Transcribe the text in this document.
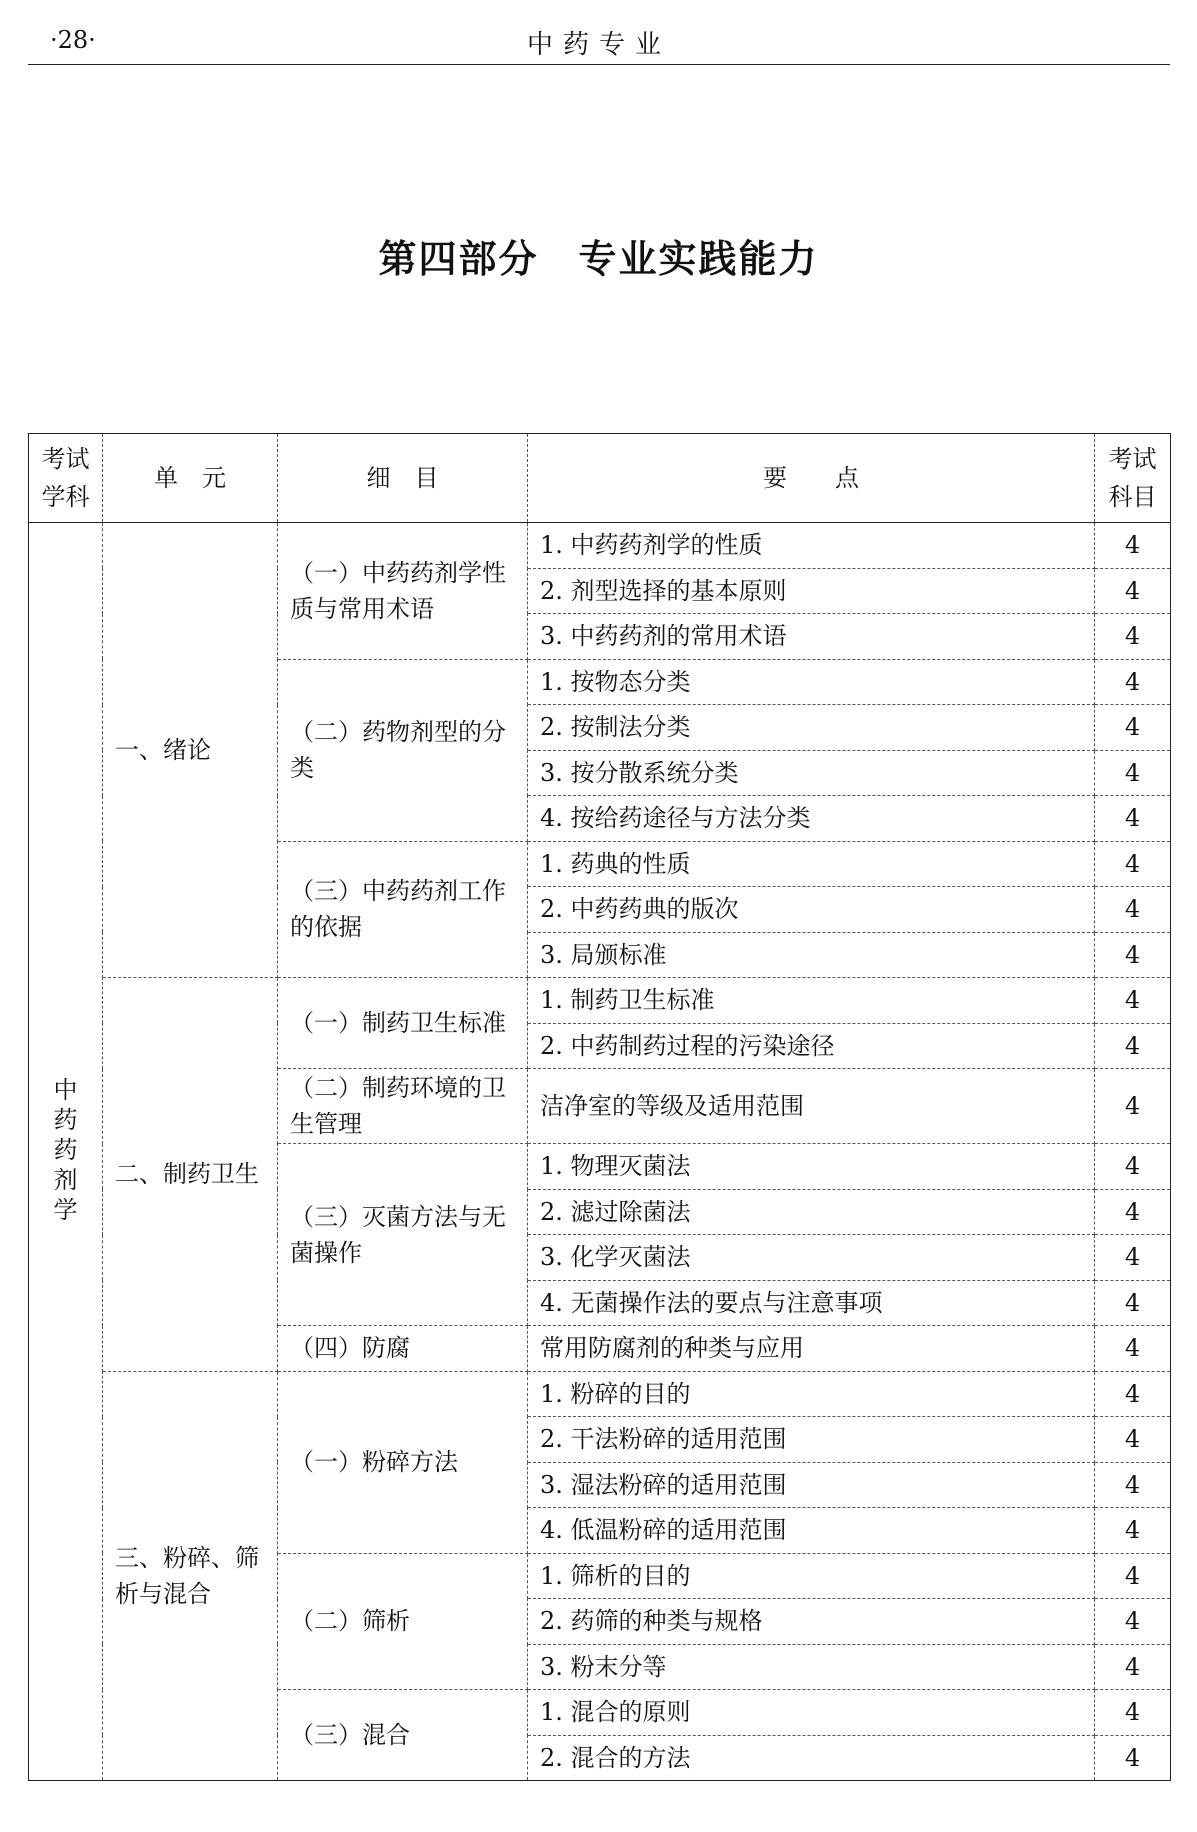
·28·	中药专业
第四部分　专业实践能力
考试学科	单　元	细　目	要　　点	考试科目
中药药剂学	一、绪论	（一）中药药剂学性质与常用术语	1. 中药药剂学的性质	4
			2. 剂型选择的基本原则	4
			3. 中药药剂的常用术语	4
		（二）药物剂型的分类	1. 按物态分类	4
			2. 按制法分类	4
			3. 按分散系统分类	4
			4. 按给药途径与方法分类	4
		（三）中药药剂工作的依据	1. 药典的性质	4
			2. 中药药典的版次	4
			3. 局颁标准	4
	二、制药卫生	（一）制药卫生标准	1. 制药卫生标准	4
			2. 中药制药过程的污染途径	4
		（二）制药环境的卫生管理	洁净室的等级及适用范围	4
		（三）灭菌方法与无菌操作	1. 物理灭菌法	4
			2. 滤过除菌法	4
			3. 化学灭菌法	4
			4. 无菌操作法的要点与注意事项	4
		（四）防腐	常用防腐剂的种类与应用	4
	三、粉碎、筛析与混合	（一）粉碎方法	1. 粉碎的目的	4
			2. 干法粉碎的适用范围	4
			3. 湿法粉碎的适用范围	4
			4. 低温粉碎的适用范围	4
		（二）筛析	1. 筛析的目的	4
			2. 药筛的种类与规格	4
			3. 粉末分等	4
		（三）混合	1. 混合的原则	4
			2. 混合的方法	4
